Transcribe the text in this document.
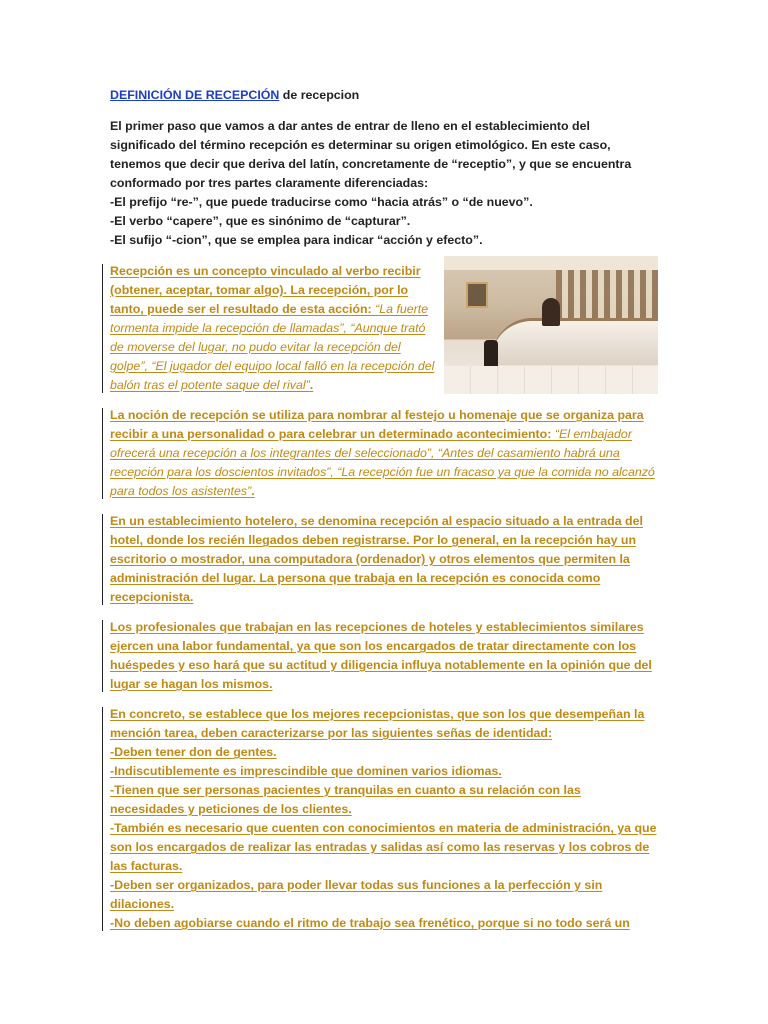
DEFINICIÓN DE RECEPCIÓN de recepcion

El primer paso que vamos a dar antes de entrar de lleno en el establecimiento del significado del término recepción es determinar su origen etimológico. En este caso, tenemos que decir que deriva del latín, concretamente de “receptio”, y que se encuentra conformado por tres partes claramente diferenciadas:

-El prefijo “re-”, que puede traducirse como “hacia atrás” o “de nuevo”.

-El verbo “capere”, que es sinónimo de “capturar”.

-El sufijo “-cion”, que se emplea para indicar “acción y efecto”.

Recepción es un concepto vinculado al verbo recibir (obtener, aceptar, tomar algo). La recepción, por lo tanto, puede ser el resultado de esta acción: “La fuerte tormenta impide la recepción de llamadas”, “Aunque trató de moverse del lugar, no pudo evitar la recepción del golpe”, “El jugador del equipo local falló en la recepción del balón tras el potente saque del rival”.

La noción de recepción se utiliza para nombrar al festejo u homenaje que se organiza para recibir a una personalidad o para celebrar un determinado acontecimiento: “El embajador ofrecerá una recepción a los integrantes del seleccionado”, “Antes del casamiento habrá una recepción para los doscientos invitados”, “La recepción fue un fracaso ya que la comida no alcanzó para todos los asistentes”.

En un establecimiento hotelero, se denomina recepción al espacio situado a la entrada del hotel, donde los recién llegados deben registrarse. Por lo general, en la recepción hay un escritorio o mostrador, una computadora (ordenador) y otros elementos que permiten la administración del lugar. La persona que trabaja en la recepción es conocida como recepcionista.

Los profesionales que trabajan en las recepciones de hoteles y establecimientos similares ejercen una labor fundamental, ya que son los encargados de tratar directamente con los huéspedes y eso hará que su actitud y diligencia influya notablemente en la opinión que del lugar se hagan los mismos.

En concreto, se establece que los mejores recepcionistas, que son los que desempeñan la mención tarea, deben caracterizarse por las siguientes señas de identidad:

-Deben tener don de gentes.

-Indiscutiblemente es imprescindible que dominen varios idiomas.

-Tienen que ser personas pacientes y tranquilas en cuanto a su relación con las necesidades y peticiones de los clientes.

-También es necesario que cuenten con conocimientos en materia de administración, ya que son los encargados de realizar las entradas y salidas así como las reservas y los cobros de las facturas.

-Deben ser organizados, para poder llevar todas sus funciones a la perfección y sin dilaciones.

-No deben agobiarse cuando el ritmo de trabajo sea frenético, porque si no todo será un
